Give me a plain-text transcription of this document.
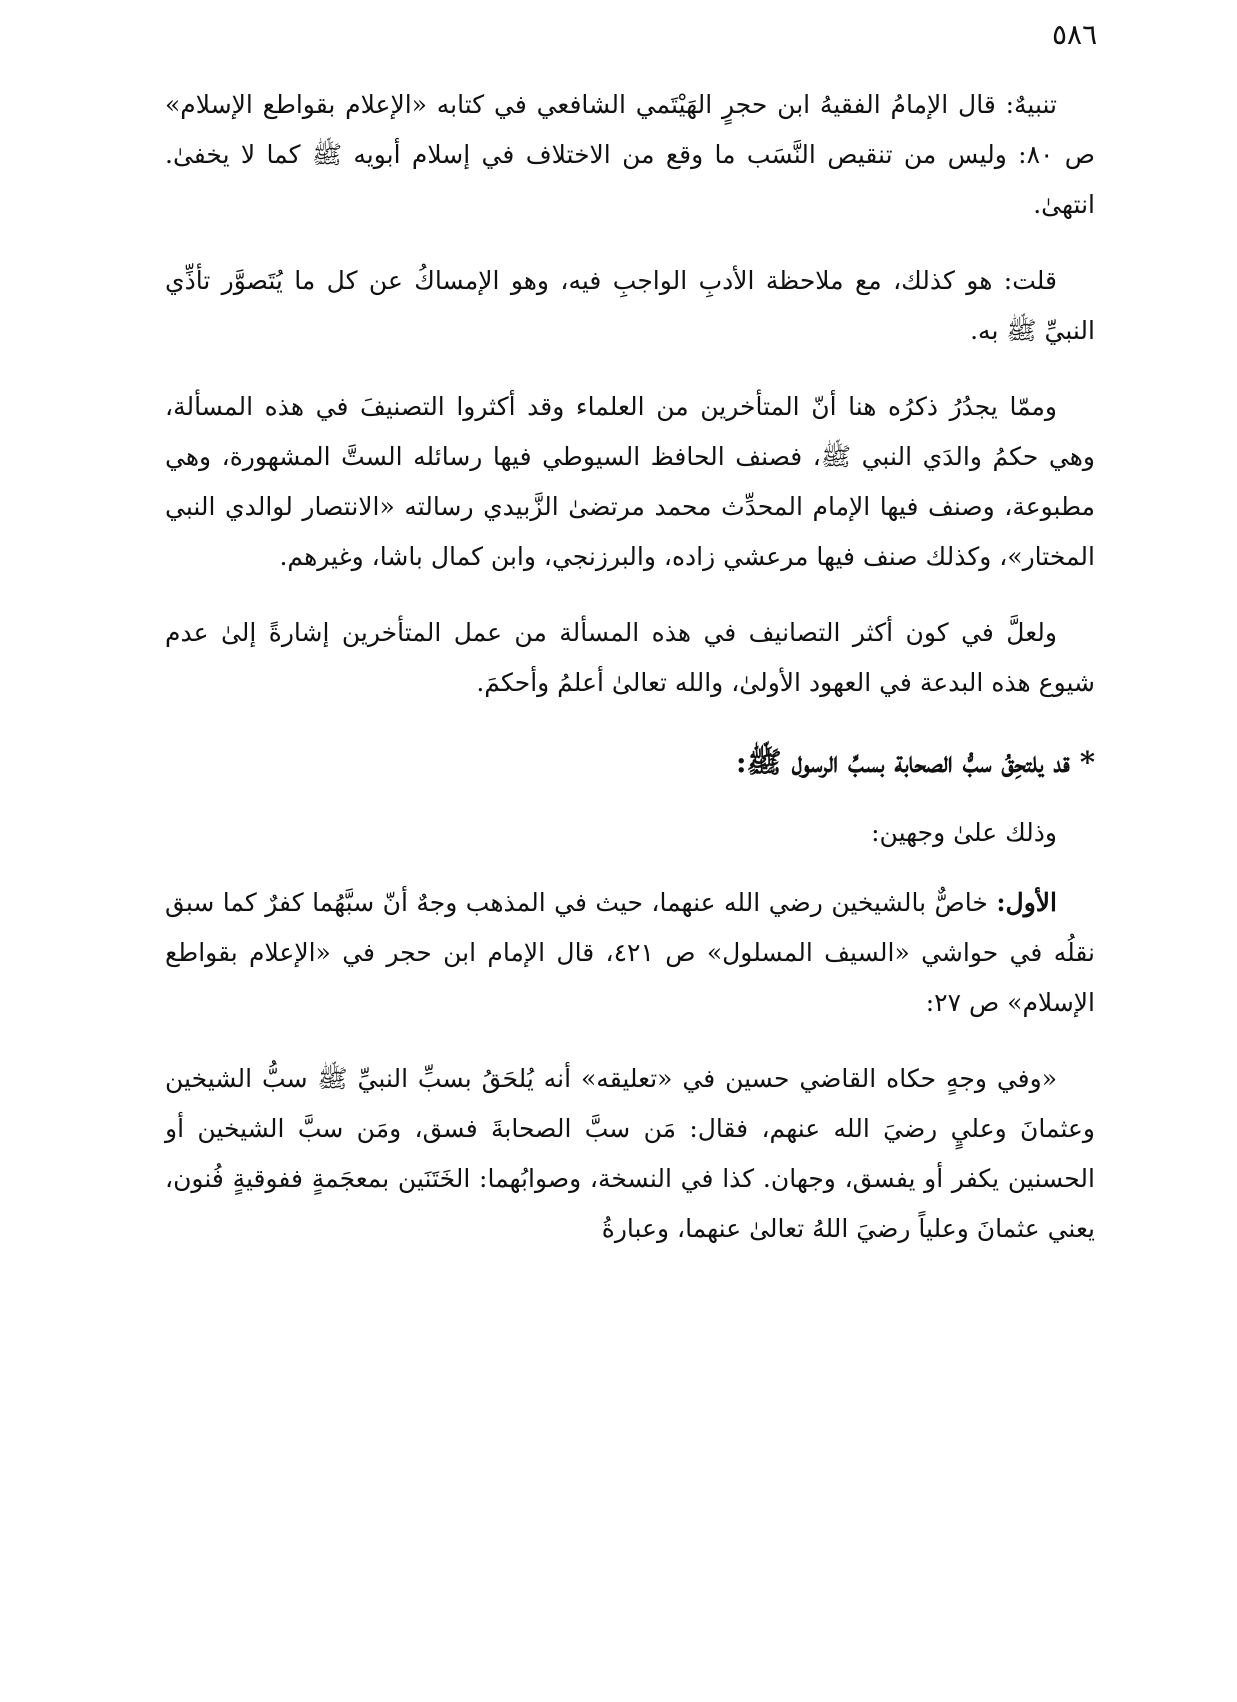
٥٨٦

تنبيهٌ: قال الإمامُ الفقيهُ ابن حجرٍ الهَيْتَمي الشافعي في كتابه «الإعلام بقواطع الإسلام» ص ٨٠: وليس من تنقيص النَّسَب ما وقع من الاختلاف في إسلام أبويه ﷺ كما لا يخفىٰ. انتهىٰ.

قلت: هو كذلك، مع ملاحظة الأدبِ الواجبِ فيه، وهو الإمساكُ عن كل ما يُتَصوَّر تأذِّي النبيِّ ﷺ به.

وممّا يجدُرُ ذكرُه هنا أنّ المتأخرين من العلماء وقد أكثروا التصنيفَ في هذه المسألة، وهي حكمُ والدَي النبي ﷺ، فصنف الحافظ السيوطي فيها رسائله الستَّ المشهورة، وهي مطبوعة، وصنف فيها الإمام المحدِّث محمد مرتضىٰ الزَّبيدي رسالته «الانتصار لوالدي النبي المختار»، وكذلك صنف فيها مرعشي زاده، والبرزنجي، وابن كمال باشا، وغيرهم.

ولعلَّ في كون أكثر التصانيف في هذه المسألة من عمل المتأخرين إشارةً إلىٰ عدم شيوع هذه البدعة في العهود الأولىٰ، والله تعالىٰ أعلمُ وأحكمَ.

* قد يلتحِقُ سبُّ الصحابة بسبِّ الرسول ﷺ:

وذلك علىٰ وجهين:

الأول: خاصٌّ بالشيخين رضي الله عنهما، حيث في المذهب وجهٌ أنّ سبَّهُما كفرٌ كما سبق نقلُه في حواشي «السيف المسلول» ص ٤٢١، قال الإمام ابن حجر في «الإعلام بقواطع الإسلام» ص ٢٧:

«وفي وجهٍ حكاه القاضي حسين في «تعليقه» أنه يُلحَقُ بسبِّ النبيِّ ﷺ سبُّ الشيخين وعثمانَ وعليٍ رضيَ الله عنهم، فقال: مَن سبَّ الصحابةَ فسق، ومَن سبَّ الشيخين أو الحسنين يكفر أو يفسق، وجهان. كذا في النسخة، وصوابُهما: الخَتَنَين بمعجَمةٍ ففوقيةٍ فُنون، يعني عثمانَ وعلياً رضيَ اللهُ تعالىٰ عنهما، وعبارةُ
